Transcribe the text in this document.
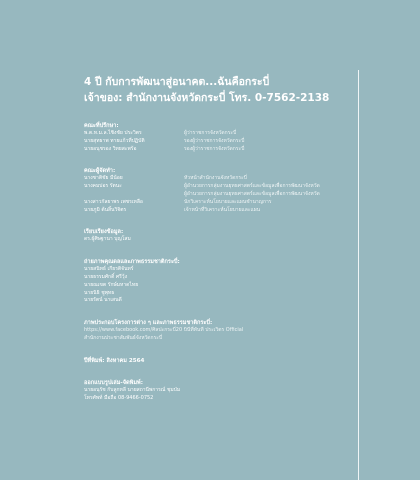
4 ปี กับการพัฒนาสู่อนาคต...ฉันคือกระบี่
เจ้าของ: สำนักงานจังหวัดกระบี่ โทร. 0-7562-2138
คณะที่ปรึกษา:
พ.ต.ท.ม.ล.ไชิงชัย ประวิตร	ผู้ว่าราชการจังหวัดกระบี่
นายสุทธาพ ทายแก้วที่ปฏิบัติ	รองผู้ว่าราชการจังหวัดกระบี่
นายอนุชรอง วิทยสะพร้อ	รองผู้ว่าราชการจังหวัดกระบี่
คณะผู้จัดทำ:
นางชาติชัย มีน้อย	หัวหน้าสำนักงานจังหวัดกระบี่
นางคมบ่อร รัตนะ	ผู้อำนวยการกลุ่มงานยุทธศาสตร์และข้อมูลเพื่อการพัฒนาจังหวัด
ผู้อำนวยการกลุ่มงานยุทธศาสตร์และข้อมูลเพื่อการพัฒนาจังหวัด
นางสาวกัลยาพร เพชรเหลือ	นักวิเคราะห์นโยบายและแผนชำนาญการ
นายภูมิ ต้นสิ้นวิจิตร	เจ้าหน้าที่วิเคราะห์นโยบายและแผน
เรียบเรียงข้อมูล:
ดร.ผู้ศิษฐานา บุญโสม
ถ่ายภาพคุณดลและภาพธรรมชาติกระบี่:
นายสนิทธ์ เกียรติจันทร์
นายธรรมศักดิ์ ศรีวุ้ง
นายณเขต รักษ์มหาดไทย
นายนิธิ ชูพุทธ
นายรัตน์ นาเสนดี
ภาพประกอบโครงการต่าง ๆ และภาพธรรมชาติกระบี่:
https://www.facebook.com/ศิลปะกระบี่20 บินีที่ทันที ประเวิตร Official
สำนักงานประชาสัมพันธ์จังหวัดกระบี่
ปีที่พิมพ์: สิงหาคม 2564
ออกแบบรูปเล่ม-จัดพิมพ์:
นายอนุรัช กับลูกหลี นายสถานีพการณ์ ชุมป่ม
โทรศัพท์ มือถือ 08-9466-0752
